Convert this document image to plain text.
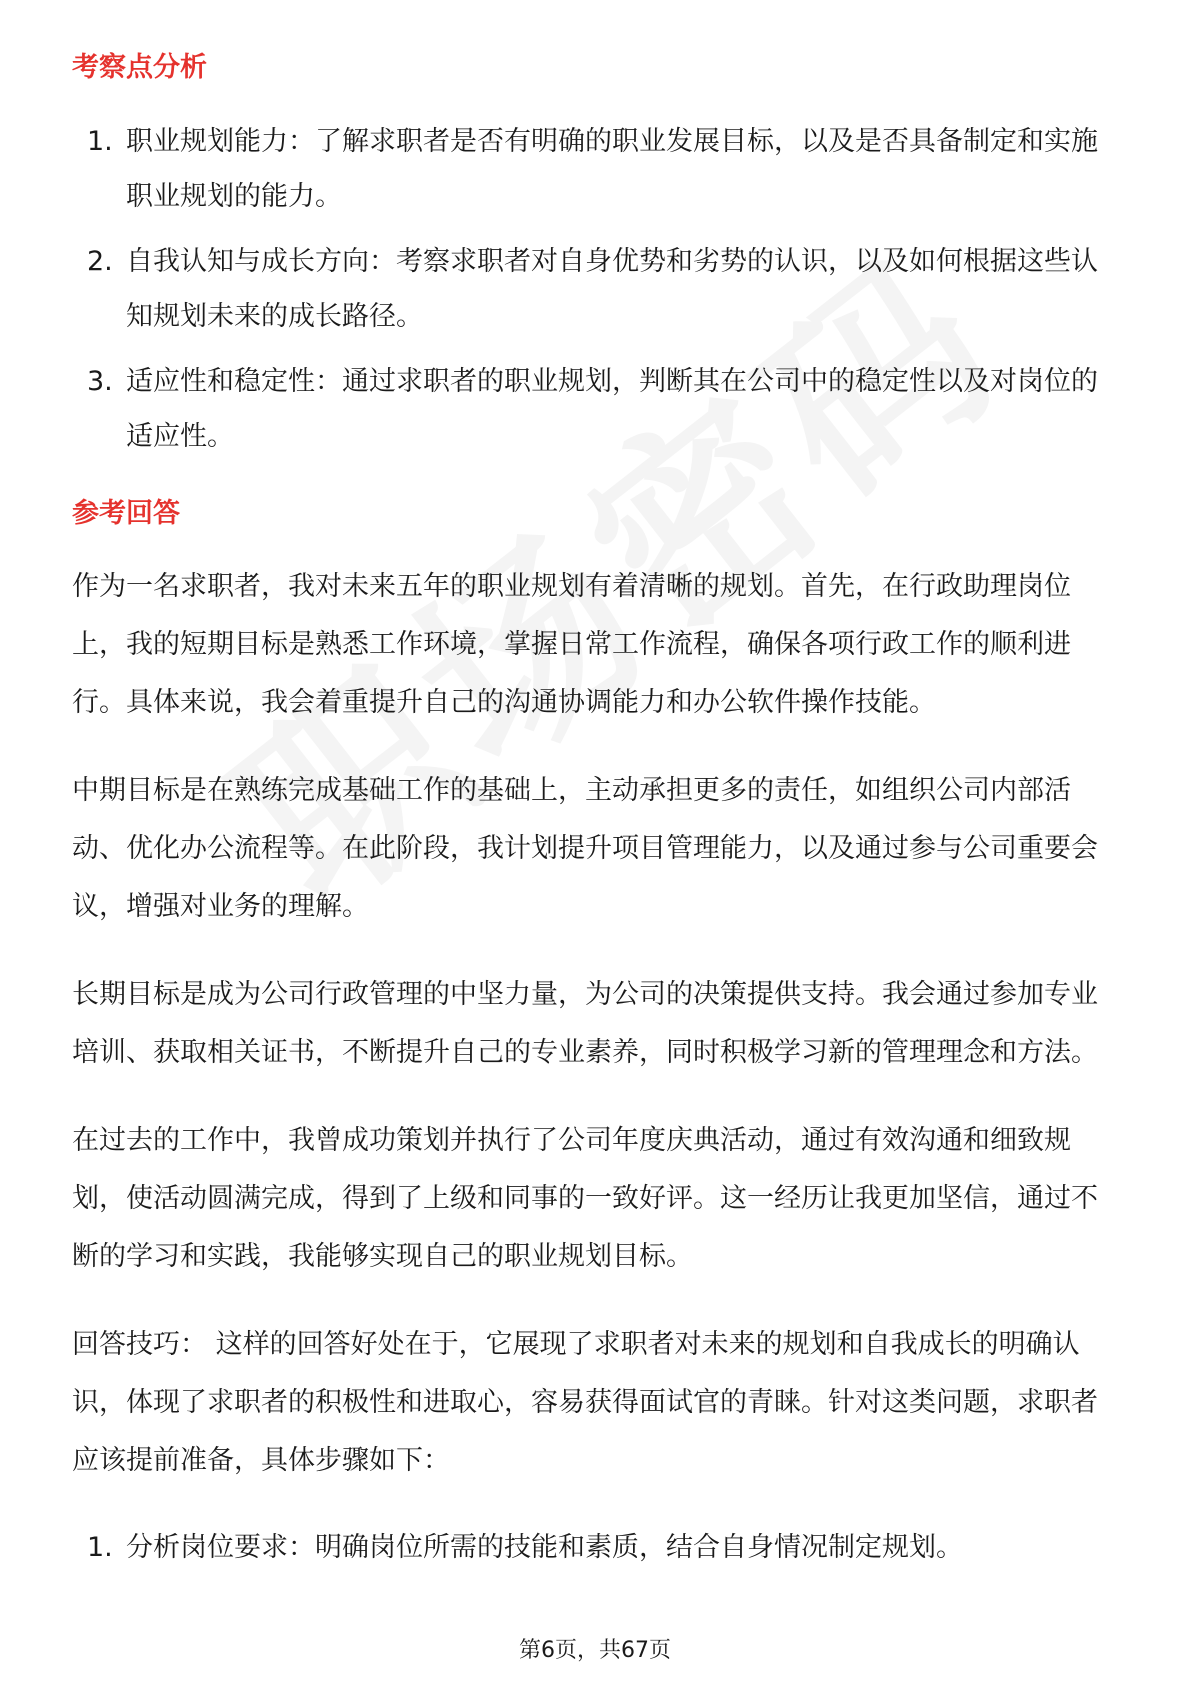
考察点分析
1. 职业规划能力：了解求职者是否有明确的职业发展目标，以及是否具备制定和实施职业规划的能力。
2. 自我认知与成长方向：考察求职者对自身优势和劣势的认识，以及如何根据这些认知规划未来的成长路径。
3. 适应性和稳定性：通过求职者的职业规划，判断其在公司中的稳定性以及对岗位的适应性。
参考回答

作为一名求职者，我对未来五年的职业规划有着清晰的规划。首先，在行政助理岗位上，我的短期目标是熟悉工作环境，掌握日常工作流程，确保各项行政工作的顺利进行。具体来说，我会着重提升自己的沟通协调能力和办公软件操作技能。

中期目标是在熟练完成基础工作的基础上，主动承担更多的责任，如组织公司内部活动、优化办公流程等。在此阶段，我计划提升项目管理能力，以及通过参与公司重要会议，增强对业务的理解。

长期目标是成为公司行政管理的中坚力量，为公司的决策提供支持。我会通过参加专业培训、获取相关证书，不断提升自己的专业素养，同时积极学习新的管理理念和方法。

在过去的工作中，我曾成功策划并执行了公司年度庆典活动，通过有效沟通和细致规划，使活动圆满完成，得到了上级和同事的一致好评。这一经历让我更加坚信，通过不断的学习和实践，我能够实现自己的职业规划目标。

回答技巧： 这样的回答好处在于，它展现了求职者对未来的规划和自我成长的明确认识，体现了求职者的积极性和进取心，容易获得面试官的青睐。针对这类问题，求职者应该提前准备，具体步骤如下：

1. 分析岗位要求：明确岗位所需的技能和素质，结合自身情况制定规划。
第6页，共67页
